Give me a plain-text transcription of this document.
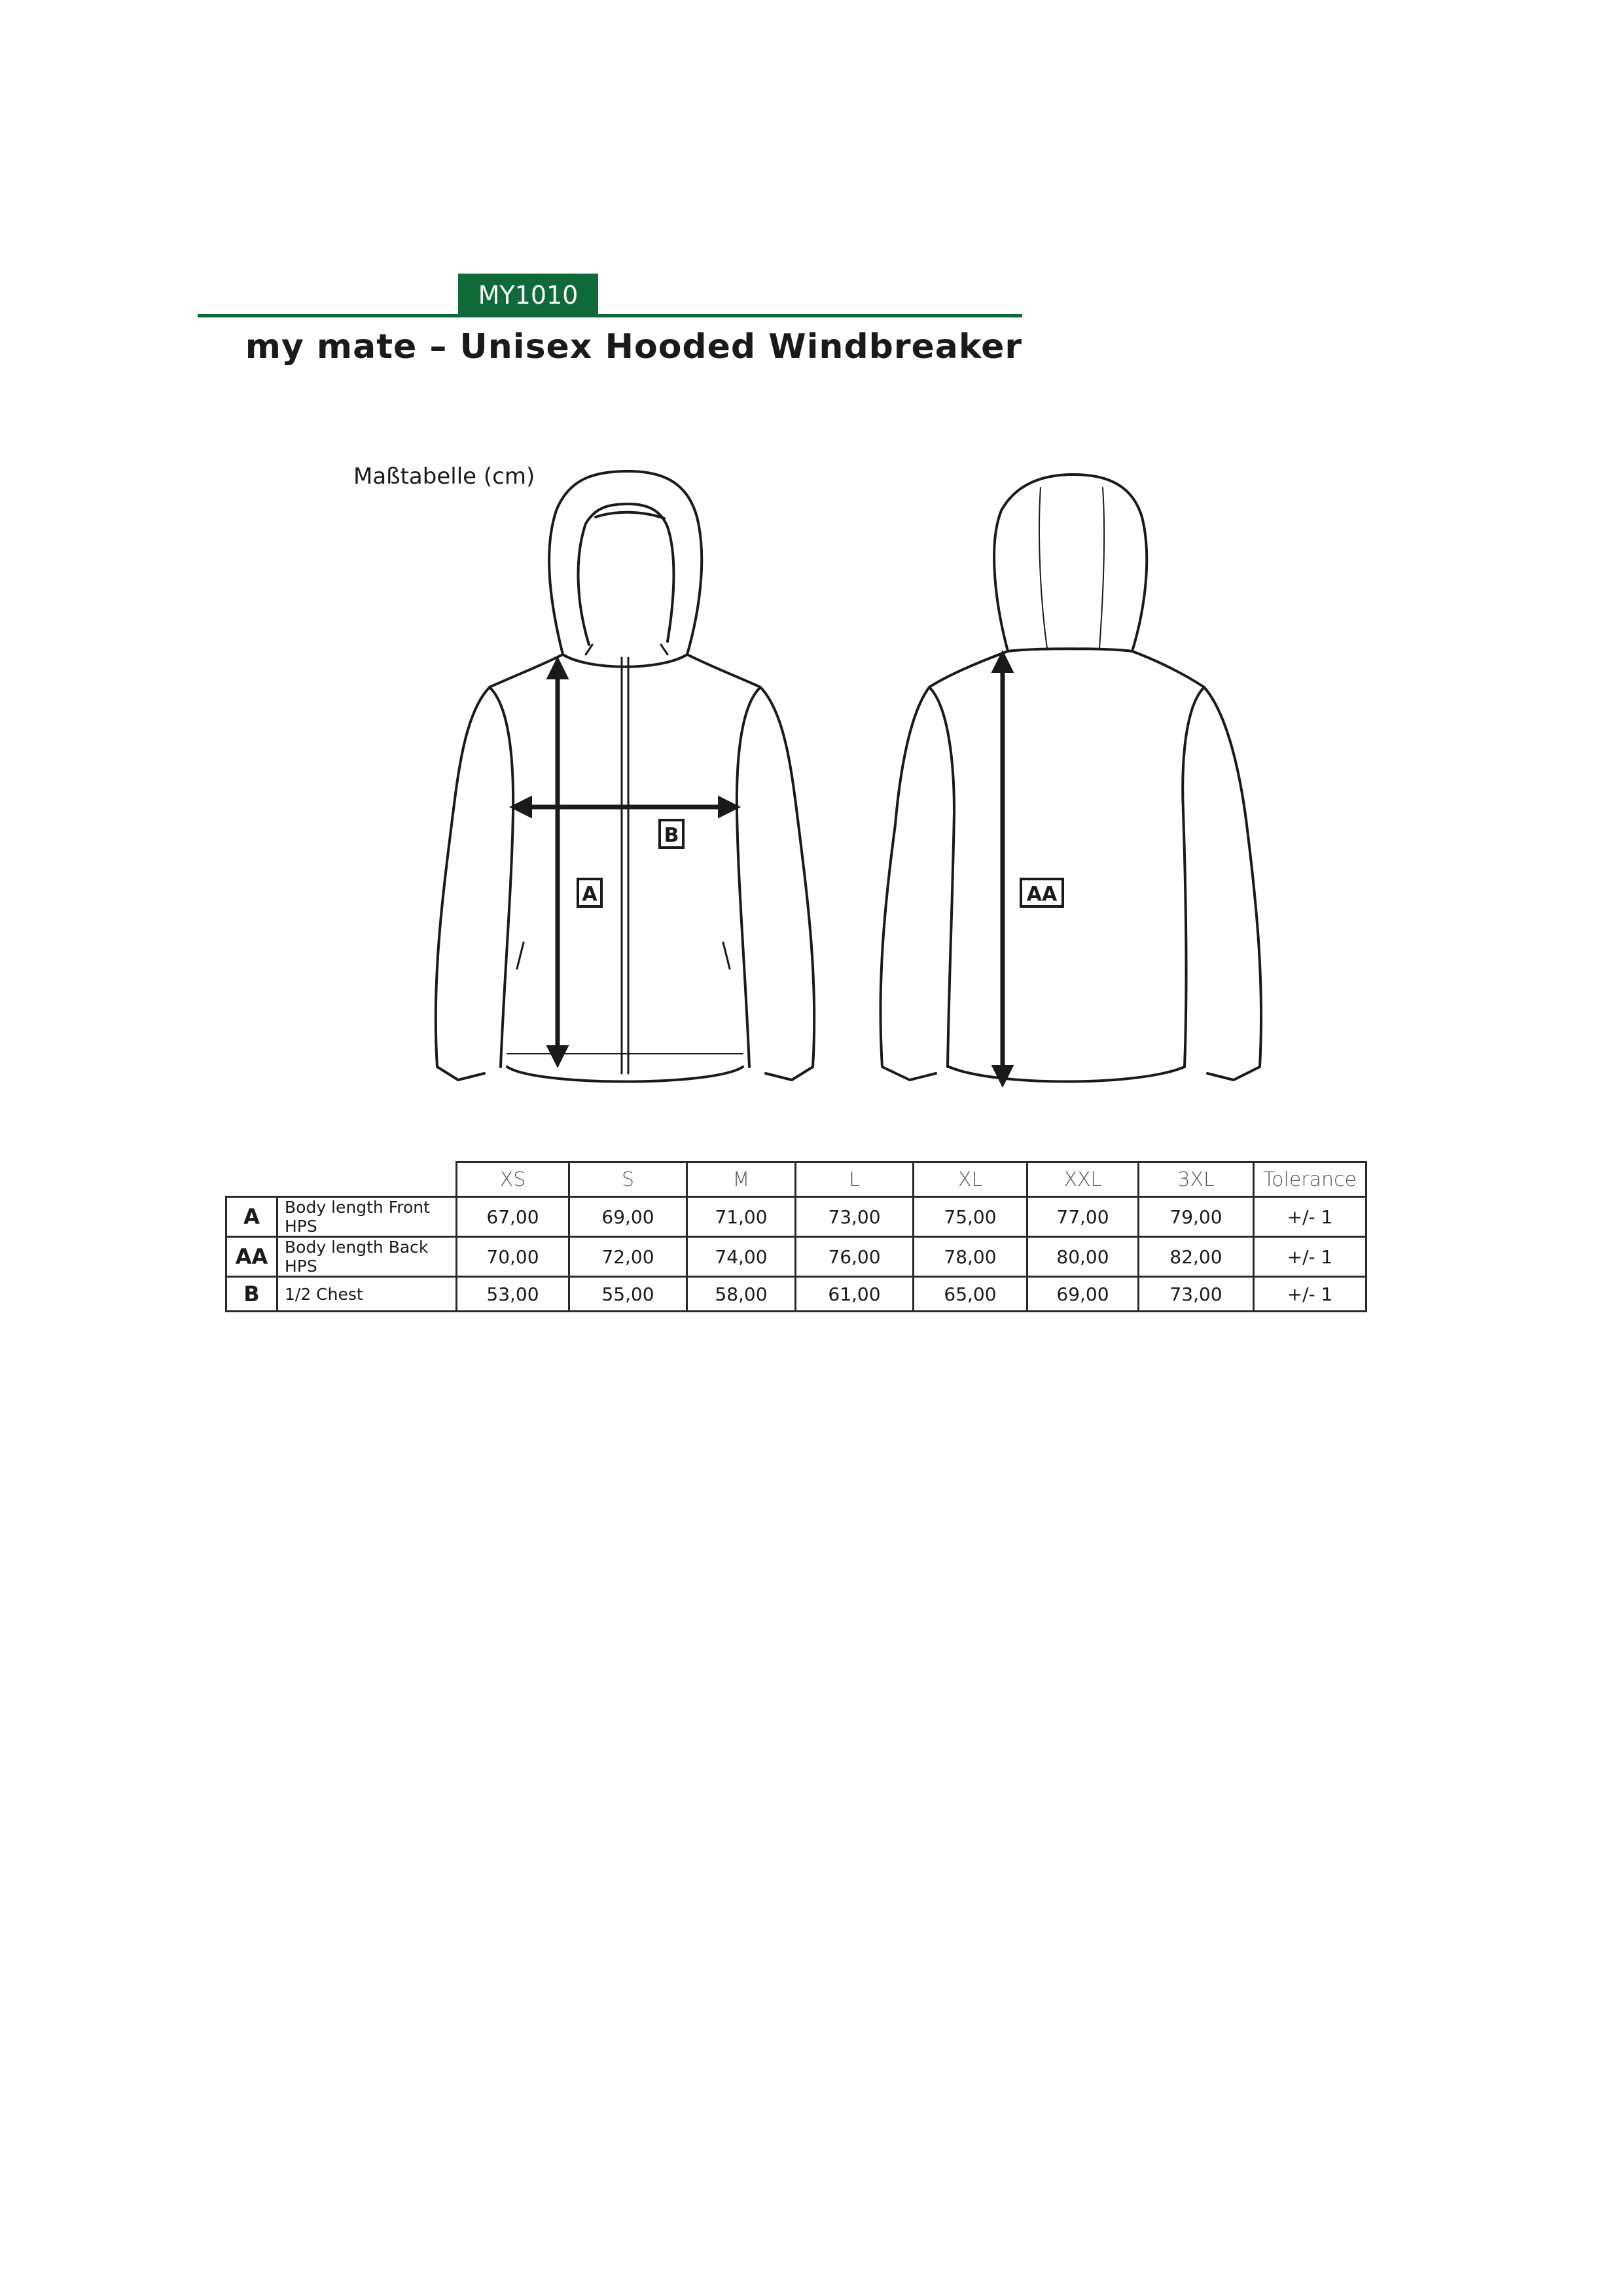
MY1010
my mate – Unisex Hooded Windbreaker
Maßtabelle (cm)
A
B
AA
		XS	S	M	L	XL	XXL	3XL	Tolerance
A	Body length Front HPS	67,00	69,00	71,00	73,00	75,00	77,00	79,00	+/- 1
AA	Body length Back HPS	70,00	72,00	74,00	76,00	78,00	80,00	82,00	+/- 1
B	1/2 Chest	53,00	55,00	58,00	61,00	65,00	69,00	73,00	+/- 1
